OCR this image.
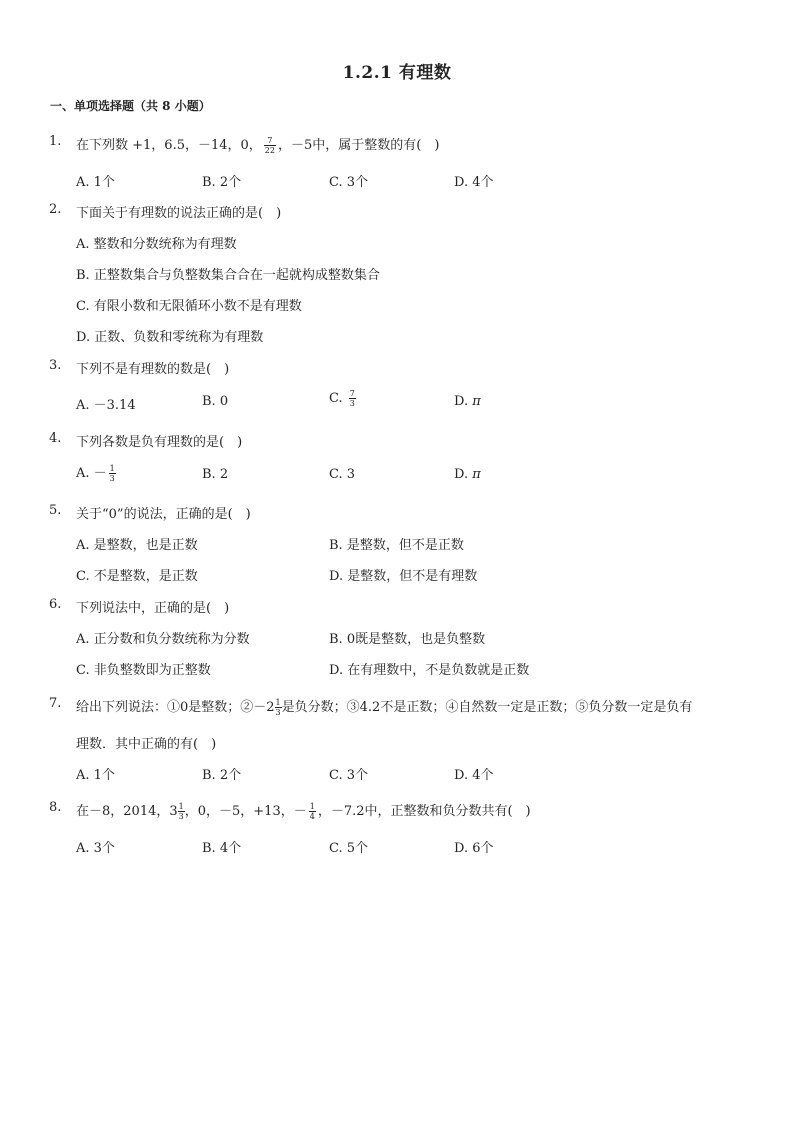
1.2.1 有理数
一、单项选择题（共 8 小题）
1.	在下列数 +1，6.5，－14，0， $\frac{7}{22}$ ，－5中，属于整数的有(　)
A. 1个	B. 2个	C. 3个	D. 4个
2.	下面关于有理数的说法正确的是(　)
A. 整数和分数统称为有理数
B. 正整数集合与负整数集合合在一起就构成整数集合
C. 有限小数和无限循环小数不是有理数
D. 正数、负数和零统称为有理数
3.	下列不是有理数的数是(　)
A. －3.14	B. 0	C. $\frac{7}{3}$	D. π
4.	下列各数是负有理数的是(　)
A. － $\frac{1}{3}$	B. 2	C. 3	D. π
5.	关于“0”的说法，正确的是(　)
A. 是整数，也是正数	B. 是整数，但不是正数
C. 不是整数，是正数	D. 是整数，但不是有理数
6.	下列说法中，正确的是(　)
A. 正分数和负分数统称为分数	B. 0既是整数，也是负整数
C. 非负整数即为正整数	D. 在有理数中，不是负数就是正数
7.	给出下列说法：①0是整数；②－2 $\frac{1}{3}$ 是负分数；③4.2不是正数；④自然数一定是正数；⑤负分数一定是负有
理数．其中正确的有(　)
A. 1个	B. 2个	C. 3个	D. 4个
8.	在－8，2014，$3 \frac{1}{3}$ ，0，－5，+13，－ $\frac{1}{4}$ ，－7.2中，正整数和负分数共有(　)
A. 3个	B. 4个	C. 5个	D. 6个
